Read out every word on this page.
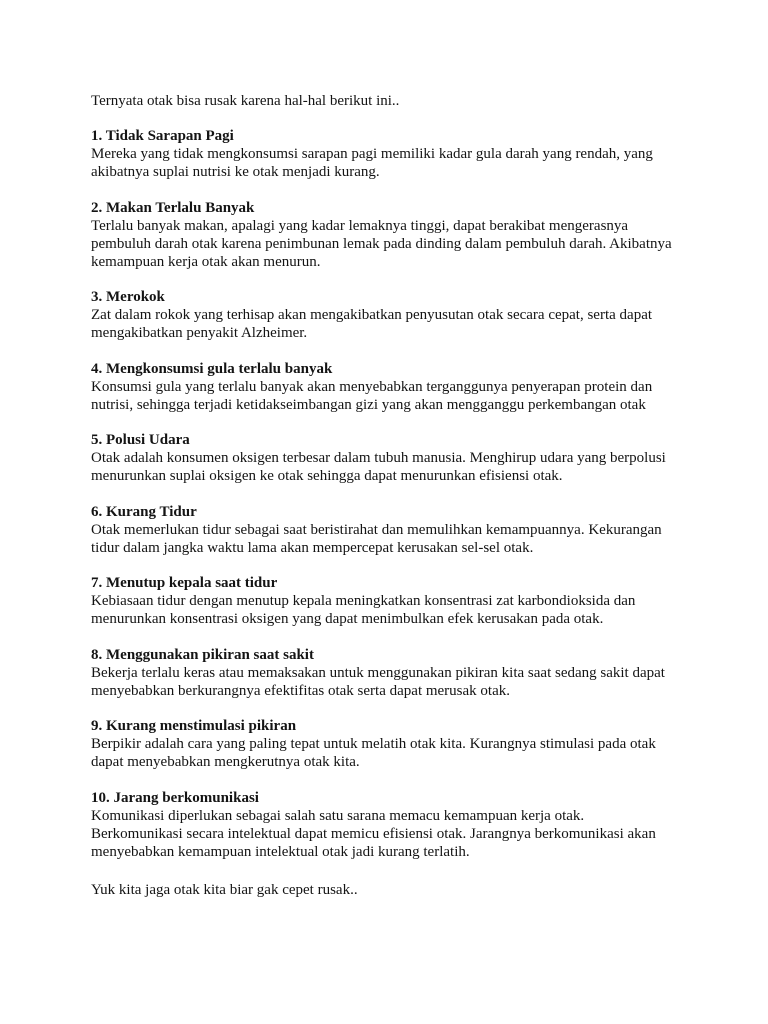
Ternyata otak bisa rusak karena hal-hal berikut ini..
1. Tidak Sarapan Pagi
Mereka yang tidak mengkonsumsi sarapan pagi memiliki kadar gula darah yang rendah, yang
akibatnya suplai nutrisi ke otak menjadi kurang.
2. Makan Terlalu Banyak
Terlalu banyak makan, apalagi yang kadar lemaknya tinggi, dapat berakibat mengerasnya
pembuluh darah otak karena penimbunan lemak pada dinding dalam pembuluh darah. Akibatnya
kemampuan kerja otak akan menurun.
3. Merokok
Zat dalam rokok yang terhisap akan mengakibatkan penyusutan otak secara cepat, serta dapat
mengakibatkan penyakit Alzheimer.
4. Mengkonsumsi gula terlalu banyak
Konsumsi gula yang terlalu banyak akan menyebabkan terganggunya penyerapan protein dan
nutrisi, sehingga terjadi ketidakseimbangan gizi yang akan mengganggu perkembangan otak
5. Polusi Udara
Otak adalah konsumen oksigen terbesar dalam tubuh manusia. Menghirup udara yang berpolusi
menurunkan suplai oksigen ke otak sehingga dapat menurunkan efisiensi otak.
6. Kurang Tidur
Otak memerlukan tidur sebagai saat beristirahat dan memulihkan kemampuannya. Kekurangan
tidur dalam jangka waktu lama akan mempercepat kerusakan sel-sel otak.
7. Menutup kepala saat tidur
Kebiasaan tidur dengan menutup kepala meningkatkan konsentrasi zat karbondioksida dan
menurunkan konsentrasi oksigen yang dapat menimbulkan efek kerusakan pada otak.
8. Menggunakan pikiran saat sakit
Bekerja terlalu keras atau memaksakan untuk menggunakan pikiran kita saat sedang sakit dapat
menyebabkan berkurangnya efektifitas otak serta dapat merusak otak.
9. Kurang menstimulasi pikiran
Berpikir adalah cara yang paling tepat untuk melatih otak kita. Kurangnya stimulasi pada otak
dapat menyebabkan mengkerutnya otak kita.
10. Jarang berkomunikasi
Komunikasi diperlukan sebagai salah satu sarana memacu kemampuan kerja otak.
Berkomunikasi secara intelektual dapat memicu efisiensi otak. Jarangnya berkomunikasi akan
menyebabkan kemampuan intelektual otak jadi kurang terlatih.
Yuk kita jaga otak kita biar gak cepet rusak..
